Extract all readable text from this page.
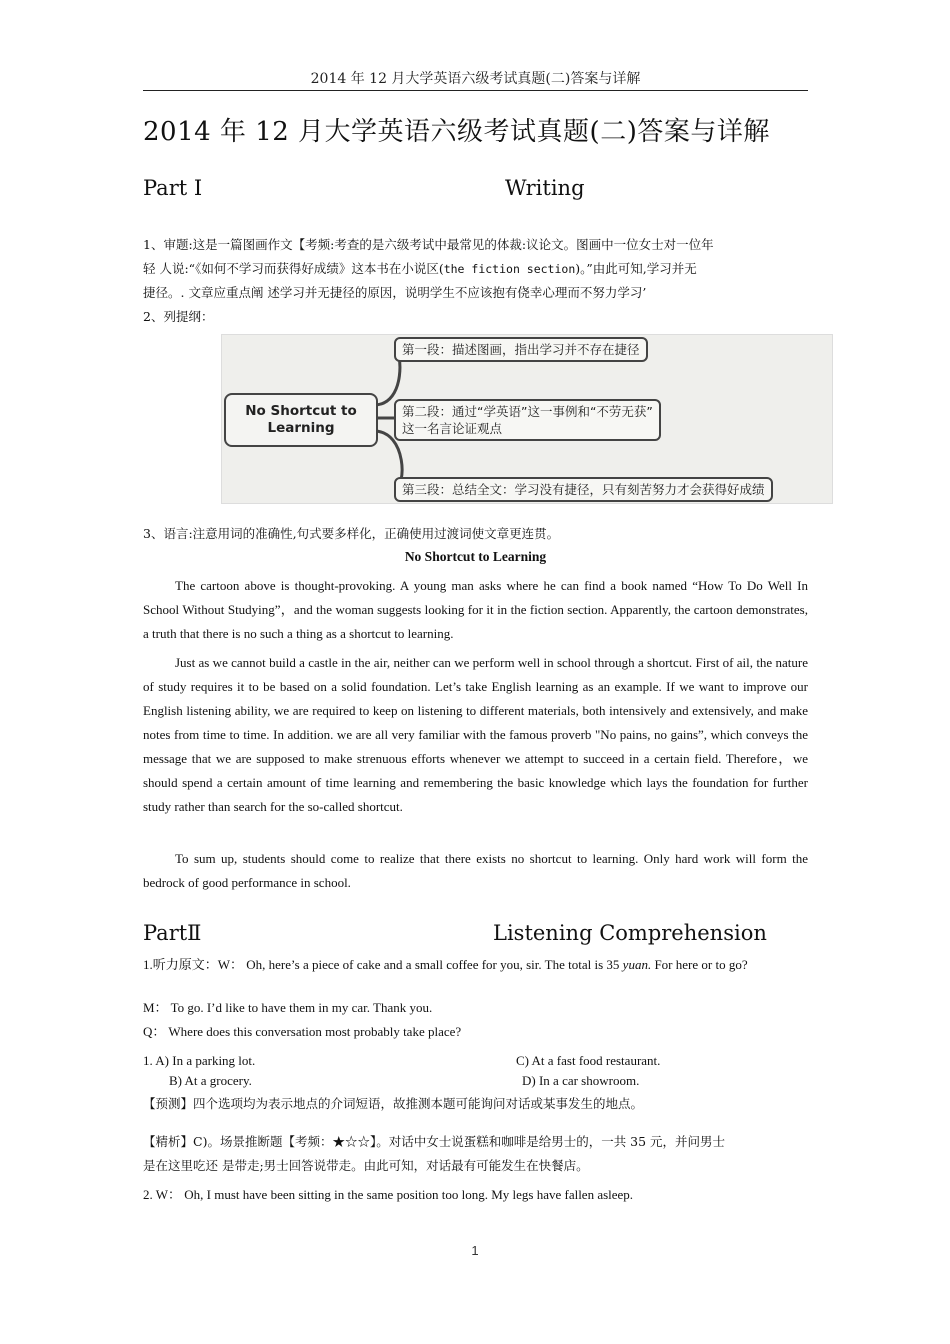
2014 年 12 月大学英语六级考试真题(二)答案与详解
2014 年 12 月大学英语六级考试真题(二)答案与详解
Part Ⅰ	Writing
1、审题:这是一篇图画作文【考频:考查的是六级考试中最常见的体裁:议论文。图画中一位女士对一位年
轻 人说:“《如何不学习而获得好成绩》这本书在小说区(the fiction section)。”由此可知,学习并无
捷径。. 文章应重点阐 述学习并无捷径的原因，说明学生不应该抱有侥幸心理而不努力学习’
2、列提纲：
No Shortcut to Learning
第一段：描述图画，指出学习并不存在捷径
第二段：通过“学英语”这一事例和“不劳无获”
这一名言论证观点
第三段：总结全文：学习没有捷径，只有刻苦努力才会获得好成绩
3、语言:注意用词的准确性,句式要多样化，正确使用过渡词使文章更连贯。
No Shortcut to Learning
The cartoon above is thought-provoking. A young man asks where he can find a book named “How To Do Well In School Without Studying”，and the woman suggests looking for it in the fiction section. Apparently, the cartoon demonstrates, a truth that there is no such a thing as a shortcut to learning.
Just as we cannot build a castle in the air, neither can we perform well in school through a shortcut. First of ail, the nature of study requires it to be based on a solid foundation. Let’s take English learning as an example. If we want to improve our English listening ability, we are required to keep on listening to different materials, both intensively and extensively, and make notes from time to time. In addition. we are all very familiar with the famous proverb "No pains, no gains”, which conveys the message that we are supposed to make strenuous efforts whenever we attempt to succeed in a certain field. Therefore，we should spend a certain amount of time learning and remembering the basic knowledge which lays the foundation for further study rather than search for the so-called shortcut.
To sum up, students should come to realize that there exists no shortcut to learning. Only hard work will form the bedrock of good performance in school.
PartⅡ	Listening Comprehension
1.听力原文：W： Oh, here’s a piece of cake and a small coffee for you, sir. The total is 35 yuan. For here or to go?
M： To go. I’d like to have them in my car. Thank you.
Q： Where does this conversation most probably take place?
1. A) In a parking lot.	C) At a fast food restaurant.
B) At a grocery.	D) In a car showroom.
【预测】四个选项均为表示地点的介词短语，故推测本题可能询问对话或某事发生的地点。
【精析】C)。场景推断题【考频：★☆☆】。对话中女士说蛋糕和咖啡是给男士的，一共 35 元，并问男士
是在这里吃还 是带走;男士回答说带走。由此可知，对话最有可能发生在快餐店。
2. W： Oh, I must have been sitting in the same position too long. My legs have fallen asleep.
1
